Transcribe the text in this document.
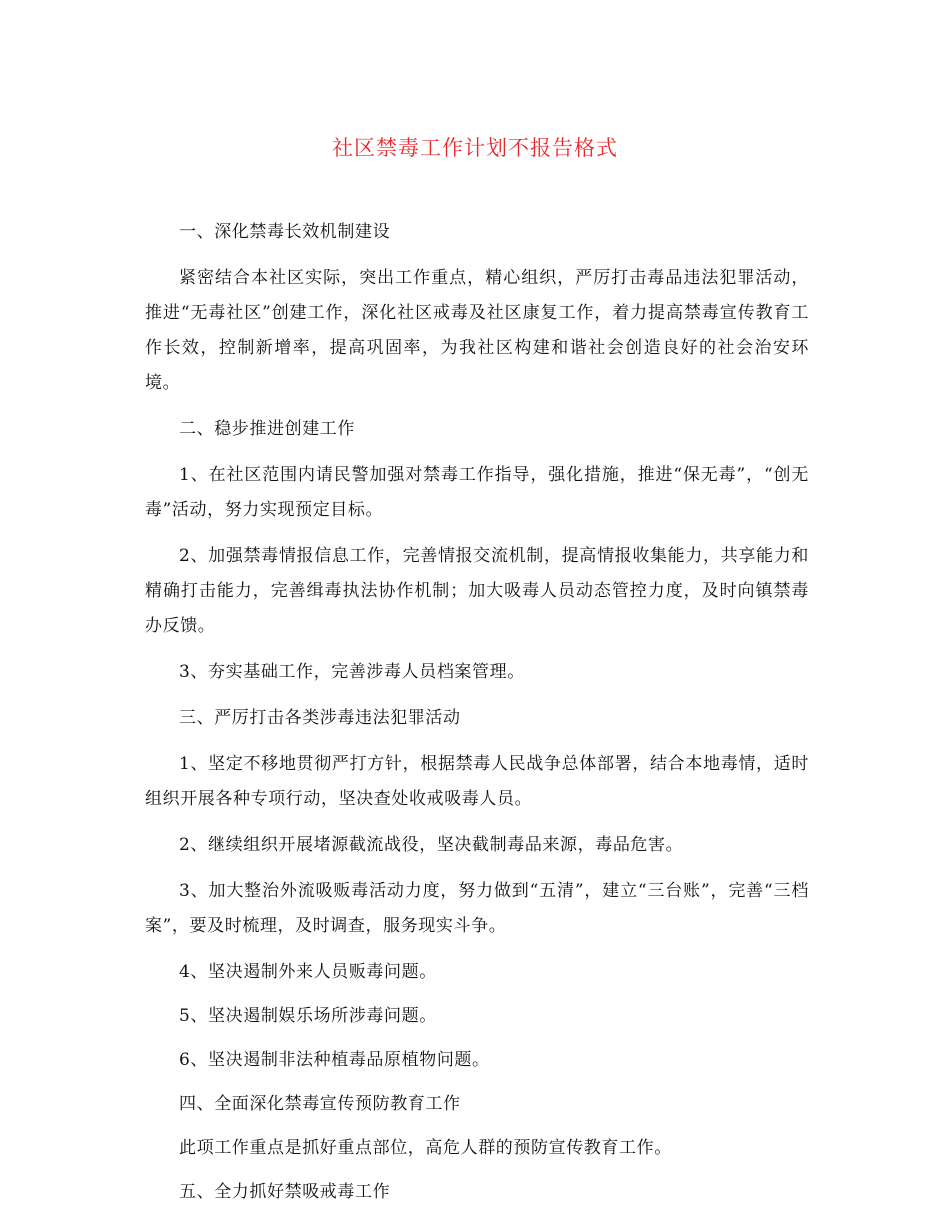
社区禁毒工作计划不报告格式

一、深化禁毒长效机制建设

紧密结合本社区实际，突出工作重点，精心组织，严厉打击毒品违法犯罪活动，推进“无毒社区”创建工作，深化社区戒毒及社区康复工作，着力提高禁毒宣传教育工作长效，控制新增率，提高巩固率，为我社区构建和谐社会创造良好的社会治安环境。

二、稳步推进创建工作

1、在社区范围内请民警加强对禁毒工作指导，强化措施，推进“保无毒”，“创无毒”活动，努力实现预定目标。

2、加强禁毒情报信息工作，完善情报交流机制，提高情报收集能力，共享能力和精确打击能力，完善缉毒执法协作机制；加大吸毒人员动态管控力度，及时向镇禁毒办反馈。

3、夯实基础工作，完善涉毒人员档案管理。

三、严厉打击各类涉毒违法犯罪活动

1、坚定不移地贯彻严打方针，根据禁毒人民战争总体部署，结合本地毒情，适时组织开展各种专项行动，坚决查处收戒吸毒人员。

2、继续组织开展堵源截流战役，坚决截制毒品来源，毒品危害。

3、加大整治外流吸贩毒活动力度，努力做到“五清”，建立“三台账”，完善“三档案”，要及时梳理，及时调查，服务现实斗争。

4、坚决遏制外来人员贩毒问题。

5、坚决遏制娱乐场所涉毒问题。

6、坚决遏制非法种植毒品原植物问题。

四、全面深化禁毒宣传预防教育工作

此项工作重点是抓好重点部位，高危人群的预防宣传教育工作。

五、全力抓好禁吸戒毒工作
